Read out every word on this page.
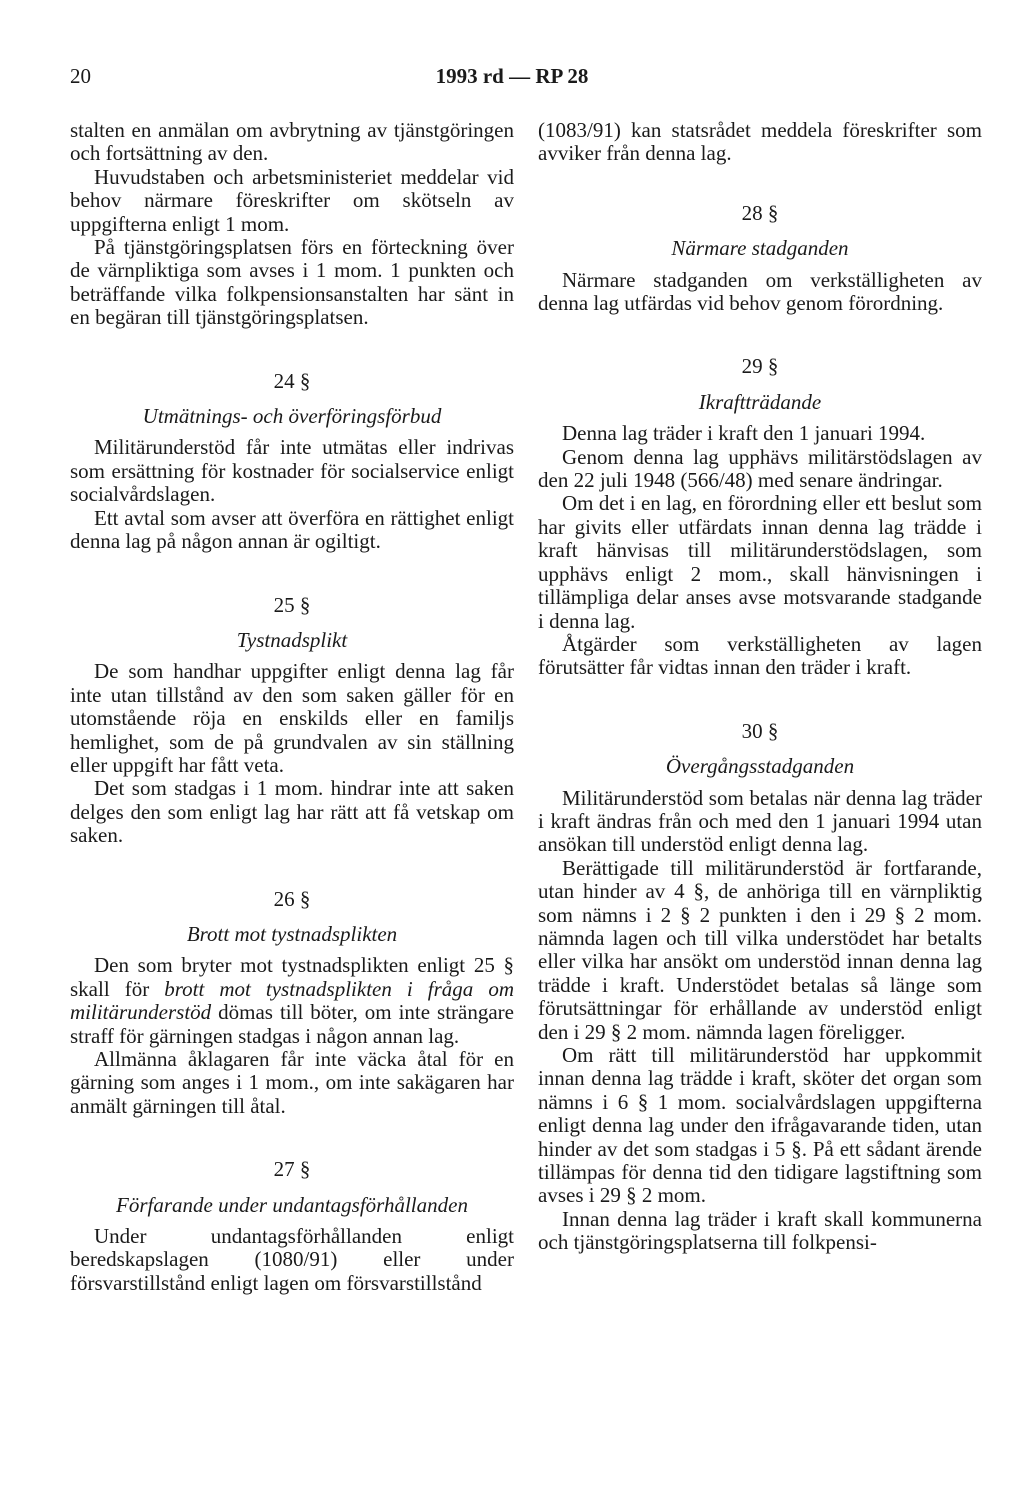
20	1993 rd — RP 28

stalten en anmälan om avbrytning av tjänstgöringen och fortsättning av den.

Huvudstaben och arbetsministeriet meddelar vid behov närmare föreskrifter om skötseln av uppgifterna enligt 1 mom.

På tjänstgöringsplatsen förs en förteckning över de värnpliktiga som avses i 1 mom. 1 punkten och beträffande vilka folkpensionsanstalten har sänt in en begäran till tjänstgöringsplatsen.

24 §
Utmätnings- och överföringsförbud

Militärunderstöd får inte utmätas eller indrivas som ersättning för kostnader för socialservice enligt socialvårdslagen.

Ett avtal som avser att överföra en rättighet enligt denna lag på någon annan är ogiltigt.

25 §
Tystnadsplikt

De som handhar uppgifter enligt denna lag får inte utan tillstånd av den som saken gäller för en utomstående röja en enskilds eller en familjs hemlighet, som de på grundvalen av sin ställning eller uppgift har fått veta.

Det som stadgas i 1 mom. hindrar inte att saken delges den som enligt lag har rätt att få vetskap om saken.

26 §
Brott mot tystnadsplikten

Den som bryter mot tystnadsplikten enligt 25 § skall för brott mot tystnadsplikten i fråga om militärunderstöd dömas till böter, om inte strängare straff för gärningen stadgas i någon annan lag.

Allmänna åklagaren får inte väcka åtal för en gärning som anges i 1 mom., om inte sakägaren har anmält gärningen till åtal.

27 §
Förfarande under undantagsförhållanden

Under undantagsförhållanden enligt beredskapslagen (1080/91) eller under försvarstillstånd enligt lagen om försvarstillstånd

(1083/91) kan statsrådet meddela föreskrifter som avviker från denna lag.

28 §
Närmare stadganden

Närmare stadganden om verkställigheten av denna lag utfärdas vid behov genom förordning.

29 §
Ikraftträdande

Denna lag träder i kraft den 1 januari 1994.

Genom denna lag upphävs militärstödslagen av den 22 juli 1948 (566/48) med senare ändringar.

Om det i en lag, en förordning eller ett beslut som har givits eller utfärdats innan denna lag trädde i kraft hänvisas till militärunderstödslagen, som upphävs enligt 2 mom., skall hänvisningen i tillämpliga delar anses avse motsvarande stadgande i denna lag.

Åtgärder som verkställigheten av lagen förutsätter får vidtas innan den träder i kraft.

30 §
Övergångsstadganden

Militärunderstöd som betalas när denna lag träder i kraft ändras från och med den 1 januari 1994 utan ansökan till understöd enligt denna lag.

Berättigade till militärunderstöd är fortfarande, utan hinder av 4 §, de anhöriga till en värnpliktig som nämns i 2 § 2 punkten i den i 29 § 2 mom. nämnda lagen och till vilka understödet har betalts eller vilka har ansökt om understöd innan denna lag trädde i kraft. Understödet betalas så länge som förutsättningar för erhållande av understöd enligt den i 29 § 2 mom. nämnda lagen föreligger.

Om rätt till militärunderstöd har uppkommit innan denna lag trädde i kraft, sköter det organ som nämns i 6 § 1 mom. socialvårdslagen uppgifterna enligt denna lag under den ifrågavarande tiden, utan hinder av det som stadgas i 5 §. På ett sådant ärende tillämpas för denna tid den tidigare lagstiftning som avses i 29 § 2 mom.

Innan denna lag träder i kraft skall kommunerna och tjänstgöringsplatserna till folkpensi-
